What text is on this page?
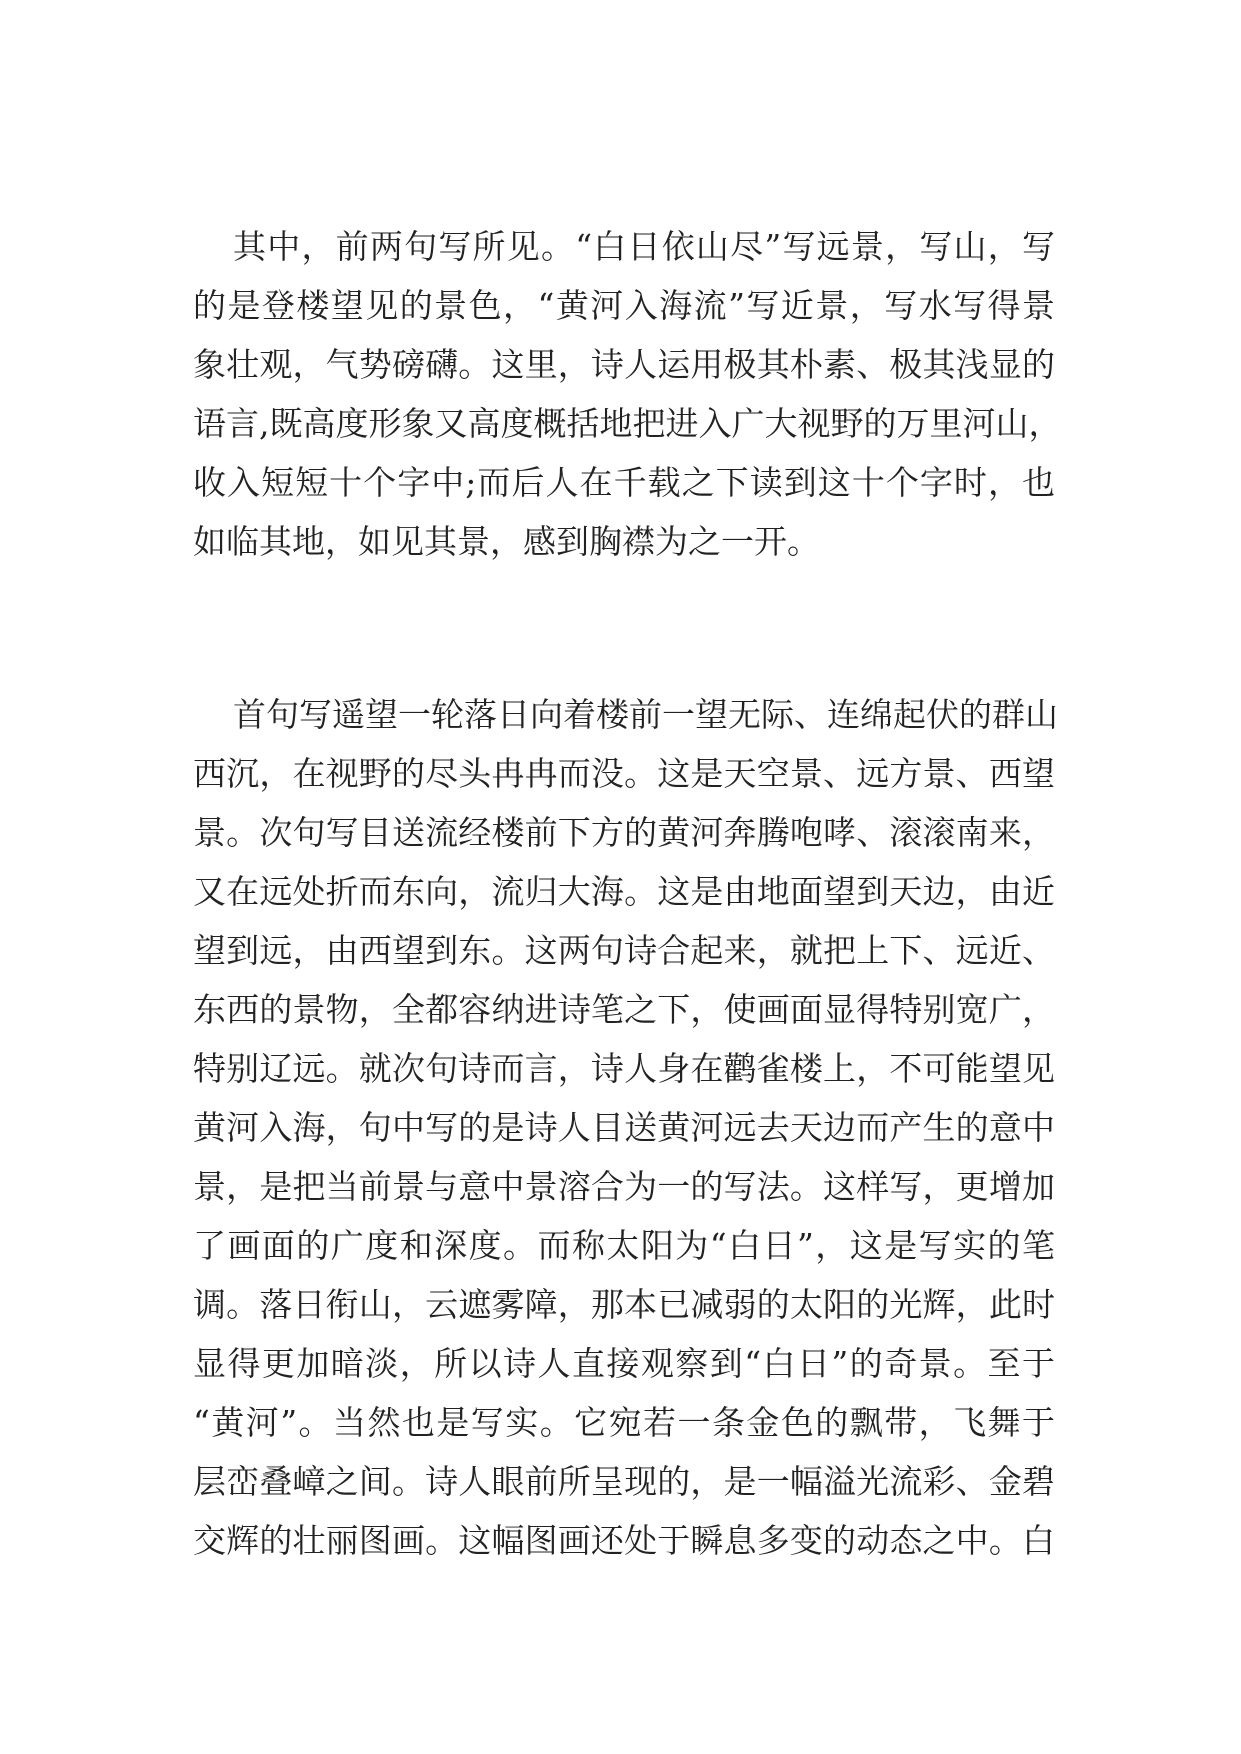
其中，前两句写所见。“白日依山尽”写远景，写山，写
的是登楼望见的景色，“黄河入海流”写近景，写水写得景
象壮观，气势磅礴。这里，诗人运用极其朴素、极其浅显的
语言,既高度形象又高度概括地把进入广大视野的万里河山，
收入短短十个字中;而后人在千载之下读到这十个字时，也
如临其地，如见其景，感到胸襟为之一开。
首句写遥望一轮落日向着楼前一望无际、连绵起伏的群山
西沉，在视野的尽头冉冉而没。这是天空景、远方景、西望
景。次句写目送流经楼前下方的黄河奔腾咆哮、滚滚南来，
又在远处折而东向，流归大海。这是由地面望到天边，由近
望到远，由西望到东。这两句诗合起来，就把上下、远近、
东西的景物，全都容纳进诗笔之下，使画面显得特别宽广，
特别辽远。就次句诗而言，诗人身在鹳雀楼上，不可能望见
黄河入海，句中写的是诗人目送黄河远去天边而产生的意中
景，是把当前景与意中景溶合为一的写法。这样写，更增加
了画面的广度和深度。而称太阳为“白日”，这是写实的笔
调。落日衔山，云遮雾障，那本已减弱的太阳的光辉，此时
显得更加暗淡，所以诗人直接观察到“白日”的奇景。至于
“黄河”。当然也是写实。它宛若一条金色的飘带，飞舞于
层峦叠嶂之间。诗人眼前所呈现的，是一幅溢光流彩、金碧
交辉的壮丽图画。这幅图画还处于瞬息多变的动态之中。白
